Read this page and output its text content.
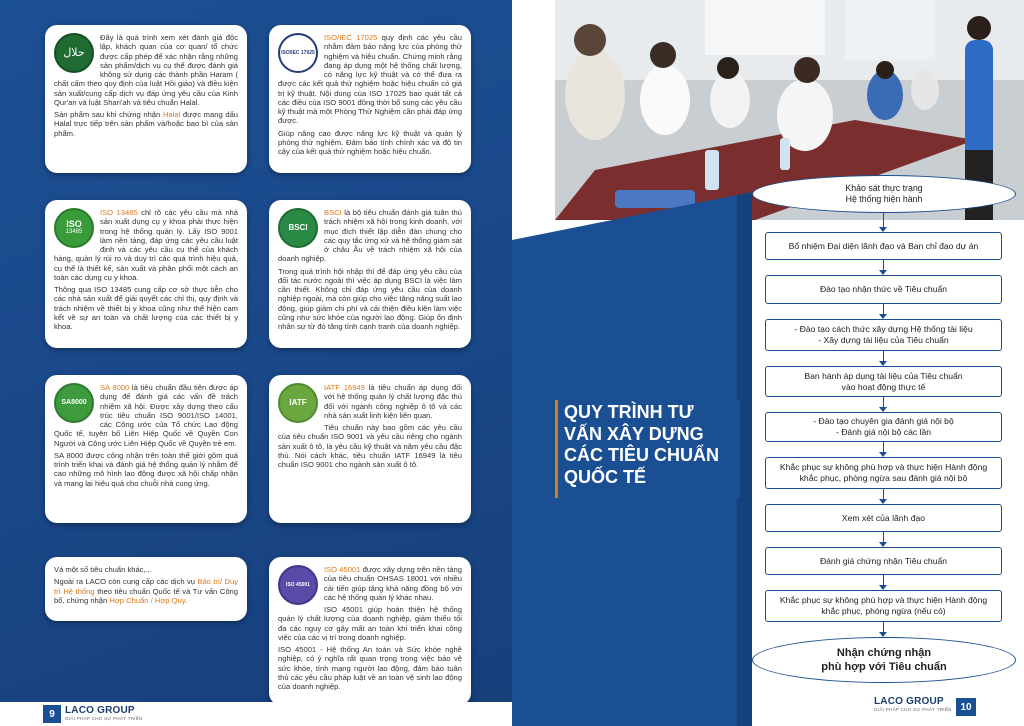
حلال

Đây là quá trình xem xét đánh giá độc lập, khách quan của cơ quan/ tổ chức được cấp phép để xác nhận rằng những sản phẩm/dịch vụ cụ thể được đánh giá không sử dụng các thành phần Haram ( chất cấm theo quy định của luật Hồi giáo) và điều kiện sản xuất/cung cấp dịch vụ đáp ứng yêu cầu của Kinh Qur'an và luật Shari'ah và tiêu chuẩn Halal.

Sản phẩm sau khi chứng nhận Halal được mang dấu Halal trực tiếp trên sản phẩm và/hoặc bao bì của sản phẩm.

ISO/IEC 17025

ISO/IEC 17025 quy định các yêu cầu nhằm đảm bảo năng lực của phòng thử nghiệm và hiệu chuẩn. Chứng minh rằng đang áp dụng một hệ thống chất lượng, có năng lực kỹ thuật và có thể đưa ra được các kết quả thử nghiệm hoặc hiệu chuẩn có giá trị kỹ thuật. Nội dung của ISO 17025 bao quát tất cả các điều của ISO 9001 đồng thời bổ sung các yêu cầu kỹ thuật mà một Phòng Thử Nghiệm cần phải đáp ứng được.

Giúp nâng cao được năng lực kỹ thuật và quản lý phòng thử nghiệm. Đảm bảo tính chính xác và độ tin cậy của kết quả thử nghiệm hoặc hiệu chuẩn.

ISO
13485

ISO 13485 chỉ rõ các yêu cầu mà nhà sản xuất dụng cụ y khoa phải thực hiện trong hệ thống quản lý. Lấy ISO 9001 làm nền tảng, đáp ứng các yêu cầu luật định và các yêu cầu cụ thể của khách hàng, quản lý rủi ro và duy trì các quá trình hiệu quả, cụ thể là thiết kế, sản xuất và phân phối một cách an toàn các dụng cụ y khoa.

Thông qua ISO 13485 cung cấp cơ sở thực tiễn cho các nhà sản xuất để giải quyết các chỉ thị, quy định và trách nhiệm về thiết bị y khoa cũng như thể hiện cam kết về sự an toàn và chất lượng của các thiết bị y khoa.

BSCI

BSCI là bộ tiêu chuẩn đánh giá tuân thủ trách nhiệm xã hội trong kinh doanh, với mục đích thiết lập diễn đàn chung cho các quy tắc ứng xử và hệ thống giám sát ở châu Âu về trách nhiệm xã hội của doanh nghiệp.

Trong quá trình hội nhập thì để đáp ứng yêu cầu của đối tác nước ngoài thì việc áp dụng BSCI là việc làm cần thiết. Không chỉ đáp ứng yêu cầu của doanh nghiệp ngoài, mà còn giúp cho việc tăng năng suất lao động, giúp giảm chi phí và cải thiện điều kiện làm việc cũng như sức khỏe của người lao động. Giúp ổn định nhân sự từ đó tăng tính cạnh tranh của doanh nghiệp.

SA8000

SA 8000 là tiêu chuẩn đầu tiên được áp dụng để đánh giá các vấn đề trách nhiệm xã hội. Được xây dựng theo cấu trúc tiêu chuẩn ISO 9001/ISO 14001, các Công ước của Tổ chức Lao động Quốc tế, tuyên bố Liên Hiệp Quốc về Quyền Con Người và Công ước Liên Hiệp Quốc về Quyền trẻ em.

SA 8000 được công nhận trên toàn thế giới gồm quá trình triển khai và đánh giá hệ thống quản lý nhằm để cao những mô hình lao động được xã hội chấp nhận và mang lại hiệu quả cho chuỗi nhà cung ứng.

IATF

IATF 16949 là tiêu chuẩn áp dụng đối với hệ thống quản lý chất lượng đặc thù đối với ngành công nghiệp ô tô và các nhà sản xuất linh kiện liên quan.

Tiêu chuẩn này bao gồm các yêu cầu của tiêu chuẩn ISO 9001 và yêu cầu riêng cho ngành sản xuất ô tô, là yêu cầu kỹ thuật và năm yêu cầu đặc thù. Nói cách khác, tiêu chuẩn IATF 16949 là tiêu chuẩn ISO 9001 cho ngành sản xuất ô tô.

Và một số tiêu chuẩn khác,...

Ngoài ra LACO còn cung cấp các dịch vụ Bảo trì/ Duy trì Hệ thống theo tiêu chuẩn Quốc tế và Tư vấn Công bố, chứng nhận Hợp Chuẩn / Hợp Quy.

ISO 45001

ISO 45001 được xây dựng trên nền tảng của tiêu chuẩn OHSAS 18001 với nhiều cải tiến giúp tăng khả năng đồng bộ với các hệ thống quản lý khác nhau.

ISO 45001 giúp hoàn thiện hệ thống quản lý chất lượng của doanh nghiệp, giảm thiểu tối đa các nguy cơ gây mất an toàn khi triển khai công việc của các vị trí trong doanh nghiệp.

ISO 45001 - Hệ thống An toàn và Sức khỏe nghề nghiệp, có ý nghĩa rất quan trọng trong việc bảo vệ sức khỏe, tính mạng người lao động, đảm bảo tuân thủ các yêu cầu pháp luật về an toàn vệ sinh lao động của doanh nghiệp.

9	LACO GROUP
GIẢI PHÁP CHO SỰ PHÁT TRIỂN
QUY TRÌNH TƯ
VẤN XÂY DỰNG
CÁC TIÊU CHUẨN
QUỐC TẾ
LACO GROUP
GIẢI PHÁP CHO SỰ PHÁT TRIỂN 10
Khảo sát thực trạng
Hệ thống hiện hành
Bổ nhiệm Đại diện lãnh đạo và Ban chỉ đạo dự án
Đào tạo nhận thức về Tiêu chuẩn
- Đào tạo cách thức xây dựng Hệ thống tài liệu
- Xây dựng tài liệu của Tiêu chuẩn
Ban hành áp dụng tài liệu của Tiêu chuẩn
vào hoạt động thực tế
- Đào tạo chuyên gia đánh giá nội bộ
- Đánh giá nội bộ các lần
Khắc phục sự không phù hợp và thực hiện Hành động
khắc phục, phòng ngừa sau đánh giá nội bộ
Xem xét của lãnh đạo
Đánh giá chứng nhận Tiêu chuẩn
Khắc phục sự không phù hợp và thực hiện Hành động
khắc phục, phòng ngừa (nếu có)
Nhận chứng nhận
phù hợp với Tiêu chuẩn
